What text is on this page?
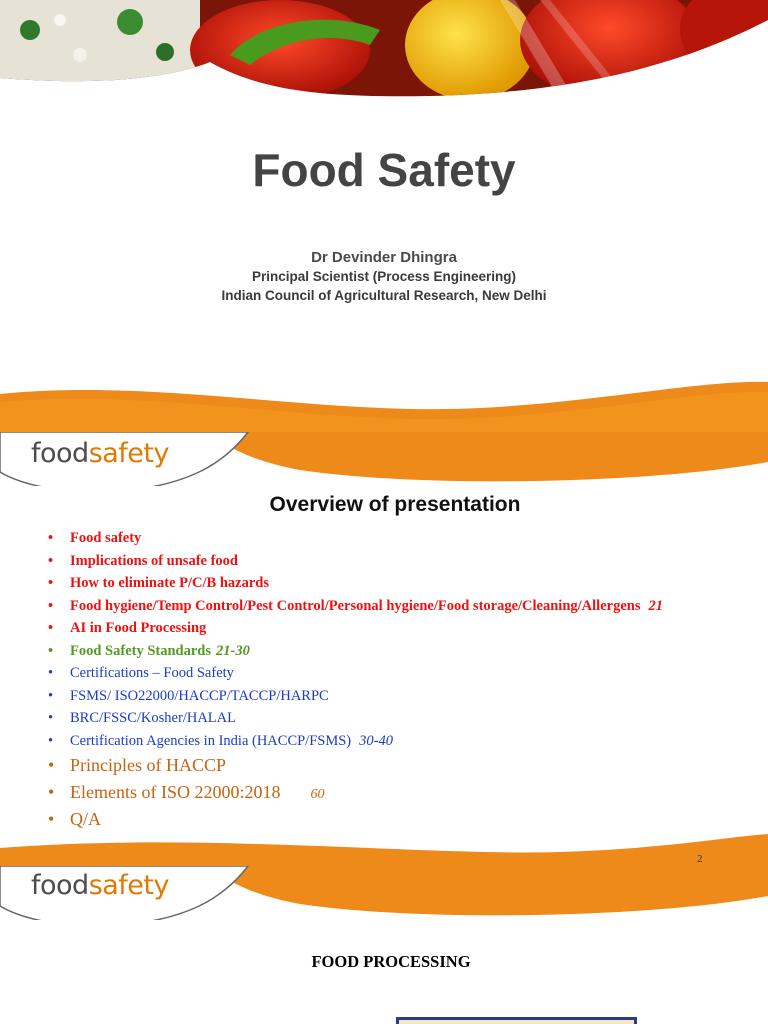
Food Safety
Dr Devinder Dhingra
Principal Scientist (Process Engineering)
Indian Council of Agricultural Research, New Delhi
foodsafety
Overview of presentation
• Food safety
• Implications of unsafe food
• How to eliminate P/C/B hazards
• Food hygiene/Temp Control/Pest Control/Personal hygiene/Food storage/Cleaning/Allergens 21
• AI in Food Processing
• Food Safety Standards 21-30
• Certifications – Food Safety
• FSMS/ ISO22000/HACCP/TACCP/HARPC
• BRC/FSSC/Kosher/HALAL
• Certification Agencies in India (HACCP/FSMS) 30-40
• Principles of HACCP
• Elements of ISO 22000:2018 60
• Q/A
2
foodsafety
FOOD PROCESSING
